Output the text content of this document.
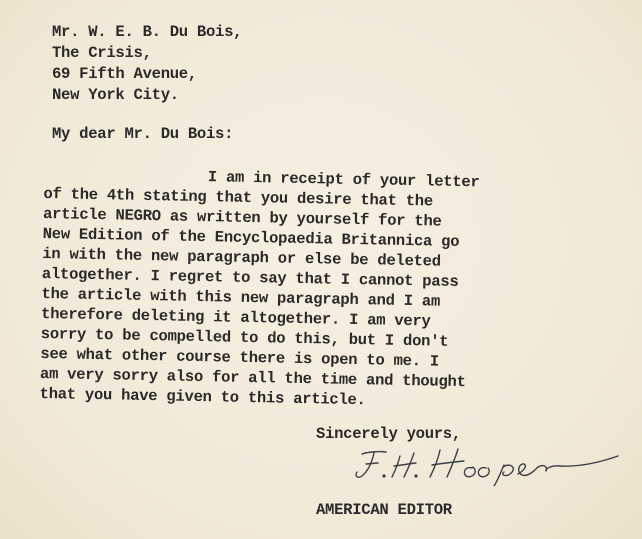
Mr. W. E. B. Du Bois,
The Crisis,
69 Fifth Avenue,
New York City.
My dear Mr. Du Bois:
I am in receipt of your letter
of the 4th stating that you desire that the
article NEGRO as written by yourself for the
New Edition of the Encyclopaedia Britannica go
in with the new paragraph or else be deleted
altogether. I regret to say that I cannot pass
the article with this new paragraph and I am
therefore deleting it altogether. I am very
sorry to be compelled to do this, but I don't
see what other course there is open to me. I
am very sorry also for all the time and thought
that you have given to this article.
Sincerely yours,
AMERICAN EDITOR
